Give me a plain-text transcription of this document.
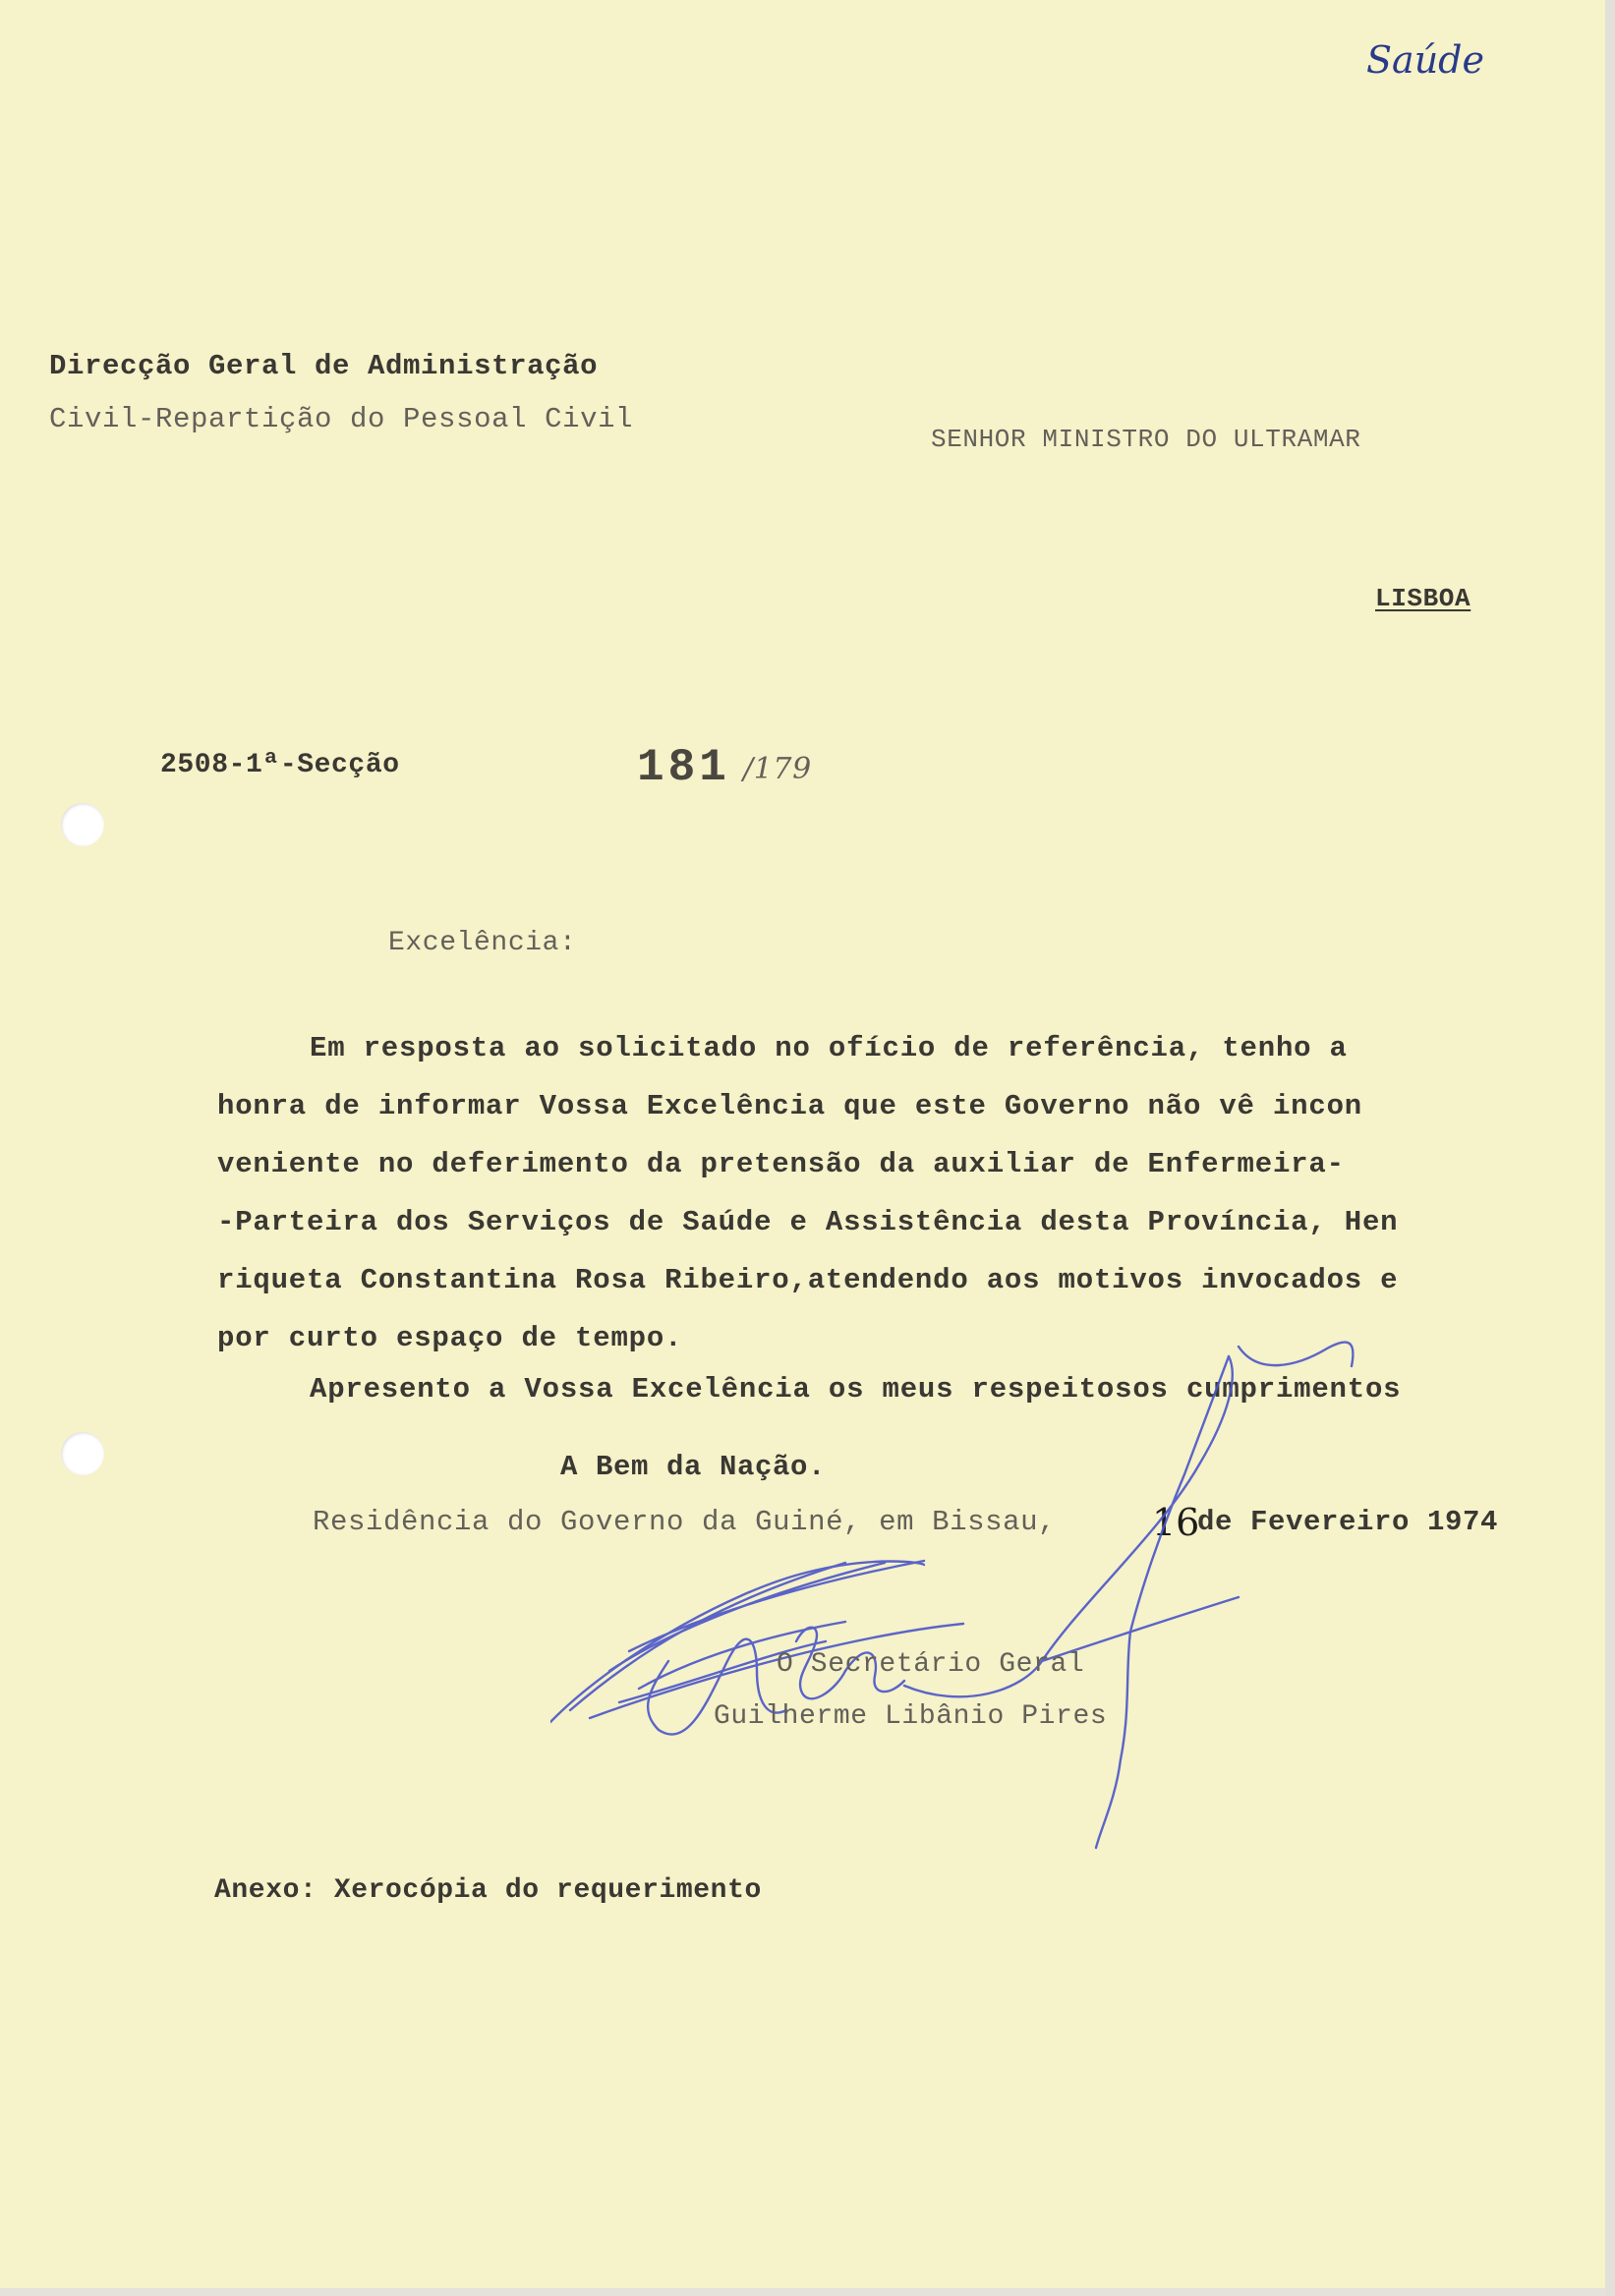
Saúde
Direcção Geral de Administração
Civil-Repartição do Pessoal Civil
SENHOR MINISTRO DO ULTRAMAR
LISBOA
2508-1ª-Secção	181 /179
Excelência:
Em resposta ao solicitado no ofício de referência, tenho a
honra de informar Vossa Excelência que este Governo não vê incon
veniente no deferimento da pretensão da auxiliar de Enfermeira-
-Parteira dos Serviços de Saúde e Assistência desta Província, Hen
riqueta Constantina Rosa Ribeiro,atendendo aos motivos invocados e
por curto espaço de tempo.
Apresento a Vossa Excelência os meus respeitosos cumprimentos
A Bem da Nação.
Residência do Governo da Guiné, em Bissau,	16
de Fevereiro 1974
O Secretário Geral
Guilherme Libânio Pires
Anexo: Xerocópia do requerimento
